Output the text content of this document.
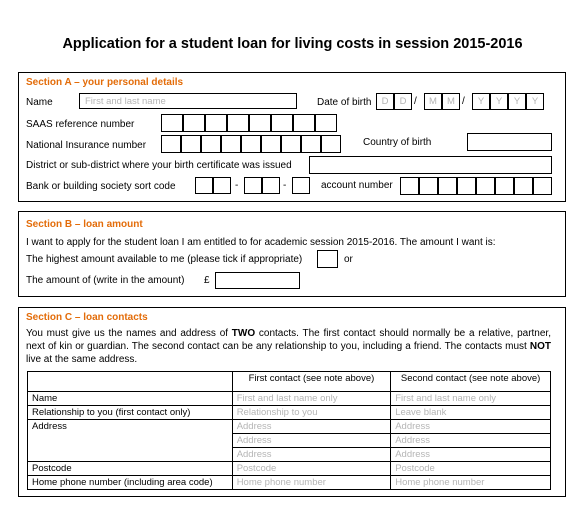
Application for a student loan for living costs in session 2015-2016
Section A – your personal details
Name	First and last name	Date of birth	D	D /	M	M /	Y	Y	Y	Y
SAAS reference number
National Insurance number	Country of birth
District or sub-district where your birth certificate was issued
Bank or building society sort code	-	-	account number
Section B – loan amount
I want to apply for the student loan I am entitled to for academic session 2015-2016. The amount I want is:
The highest amount available to me (please tick if appropriate)	or
The amount of (write in the amount) £
Section C – loan contacts
You must give us the names and address of TWO contacts. The first contact should normally be a relative, partner, next of kin or guardian. The second contact can be any relationship to you, including a friend. The contacts must NOT live at the same address.
	First contact (see note above)	Second contact (see note above)
Name	First and last name only	First and last name only
Relationship to you (first contact only)	Relationship to you	Leave blank
Address	Address	Address
	Address	Address
	Address	Address
Postcode	Postcode	Postcode
Home phone number (including area code)	Home phone number	Home phone number
